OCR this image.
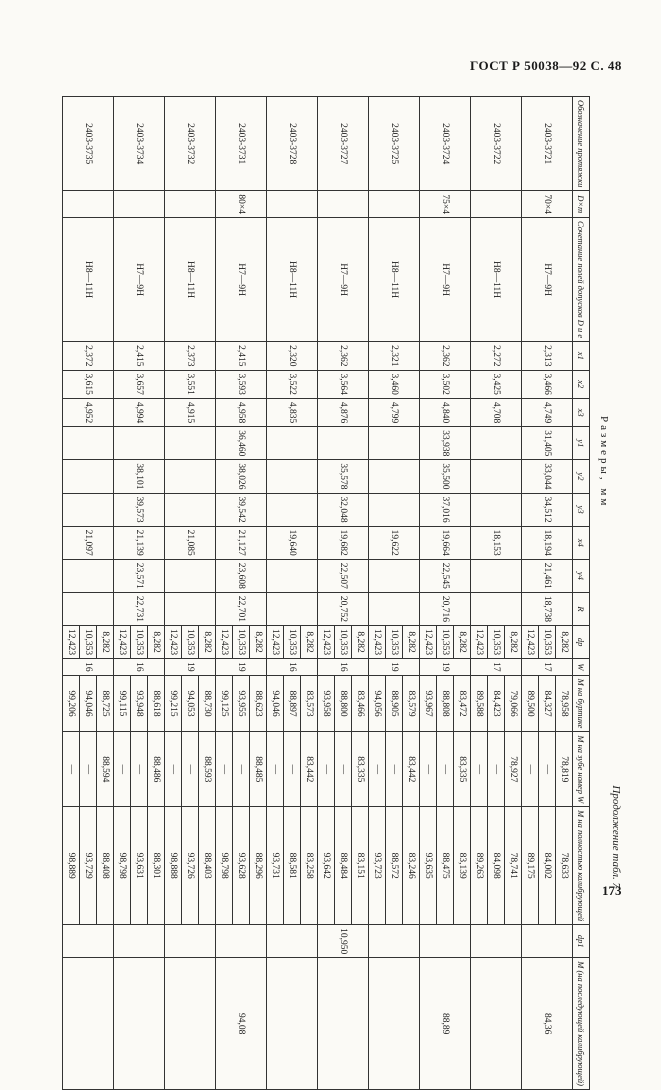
ГОСТ Р 50038—92 С. 48
Продолжение табл. 7
Размеры, мм
Обозначение протяжки	D×m	Сочетание полей допусков D и e	x1	x2	x3	y1	y2	y3	x4	y4	R	dp	W	M на буртике	M на зубе номер W	M на полностью калибрующей	dp1	M (на последующей калибрующей)
2403-3721	70×4	H7—9H	2,313	3,466	4,749	31,405	33,044	34,512	18,194	21,461	18,738	8,282	17	78,958	78,819	78,633		84,36
												10,353		84,327	—	84,002		
												12,423		89,500	—	89,175		
2403-3722		H8—11H	2,272	3,425	4,708				18,153			8,282	17	79,066	78,927	78,741		
												10,353		84,423	—	84,098		
												12,423		89,588	—	89,263		
2403-3724	75×4	H7—9H	2,362	3,502	4,840	33,938	35,500	37,016	19,664	22,545	20,716	8,282	19	83,472	83,335	83,139		88,89
												10,353		88,808	—	88,475		
												12,423		93,967	—	93,635		
2403-3725		H8—11H	2,321	3,460	4,799				19,622			8,282	19	83,579	83,442	83,246		
												10,353		88,905	—	88,572		
												12,423		94,056	—	93,723		
2403-3727		H7—9H	2,362	3,564	4,876		35,578	32,048	19,682	22,507	20,752	8,282	16	83,466	83,335	83,151	10,950	
												10,353		88,800	—	88,484		
												12,423		93,958	—	93,642		
2403-3728		H8—11H	2,320	3,522	4,835				19,640			8,282	16	83,573	83,442	83,258		
												10,353		88,897	—	88,581		
												12,423		94,046	—	93,731		
2403-3731	80×4	H7—9H	2,415	3,593	4,958	36,460	38,026	39,542	21,127	23,608	22,701	8,282	19	88,623	88,485	88,296		94,08
												10,353		93,955	—	93,628		
												12,423		99,125	—	98,798		
2403-3732		H8—11H	2,373	3,551	4,915				21,085			8,282	19	88,730	88,593	88,403		
												10,353		94,053	—	93,726		
												12,423		99,215	—	98,888		
2403-3734		H7—9H	2,415	3,657	4,994		38,101	39,573	21,139	23,571	22,731	8,282	16	88,618	88,486	88,301		
												10,353		93,948	—	93,631		
												12,423		99,115	—	98,798		
2403-3735		H8—11H	2,372	3,615	4,952				21,097			8,282	16	88,725	88,594	88,408		
												10,353		94,046	—	93,729		
												12,423		99,206	—	98,889		
173
